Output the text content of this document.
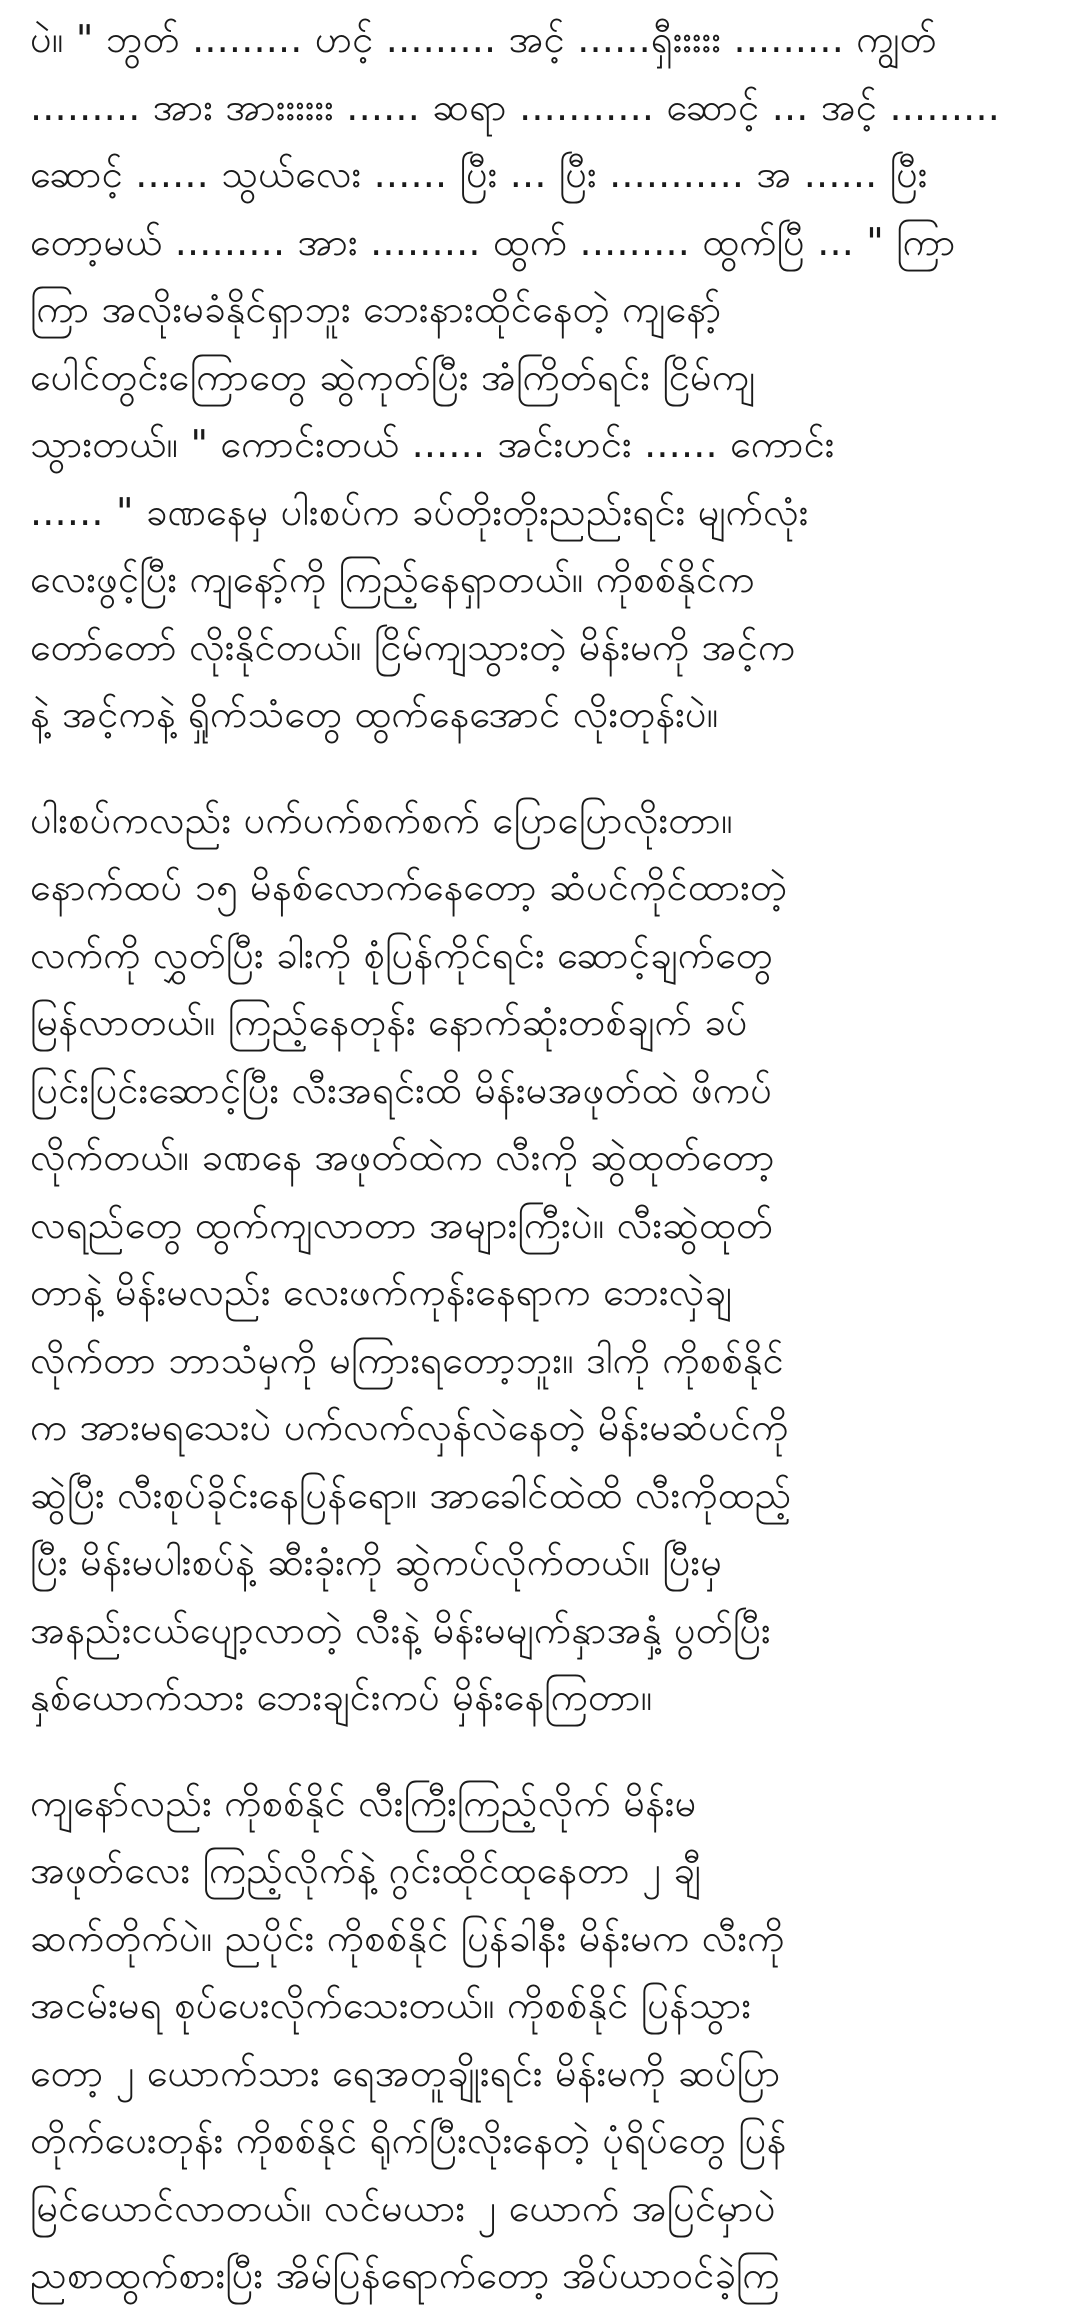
ပဲ။ " ဘွတ် ......... ဟင့် ......... အင့် ......ရှီးးးးး ......... ကျွတ်
......... အား အားးးးးး ...... ဆရာ ........... ဆောင့် ... အင့် .........
ဆောင့် ...... သွယ်လေး ...... ပြီး ... ပြီး ........... အ ...... ပြီး
တော့မယ် ......... အား ......... ထွက် ......... ထွက်ပြီ ... " ကြာ
ကြာ အလိုးမခံနိုင်ရှာဘူး ဘေးနားထိုင်နေတဲ့ ကျနော့်
ပေါင်တွင်းကြောတွေ ဆွဲကုတ်ပြီး အံကြိတ်ရင်း ငြိမ်ကျ
သွားတယ်။ " ကောင်းတယ် ...... အင်းဟင်း ...... ကောင်း
...... " ခဏနေမှ ပါးစပ်က ခပ်တိုးတိုးညည်းရင်း မျက်လုံး
လေးဖွင့်ပြီး ကျနော့်ကို ကြည့်နေရှာတယ်။ ကိုစစ်နိုင်က
တော်တော် လိုးနိုင်တယ်။ ငြိမ်ကျသွားတဲ့ မိန်းမကို အင့်က
နဲ့ အင့်ကနဲ့ ရှိုက်သံတွေ ထွက်နေအောင် လိုးတုန်းပဲ။
ပါးစပ်ကလည်း ပက်ပက်စက်စက် ပြောပြောလိုးတာ။
နောက်ထပ် ၁၅ မိနစ်လောက်နေတော့ ဆံပင်ကိုင်ထားတဲ့
လက်ကို လွှတ်ပြီး ခါးကို စုံပြန်ကိုင်ရင်း ဆောင့်ချက်တွေ
မြန်လာတယ်။ ကြည့်နေတုန်း နောက်ဆုံးတစ်ချက် ခပ်
ပြင်းပြင်းဆောင့်ပြီး လီးအရင်းထိ မိန်းမအဖုတ်ထဲ ဖိကပ်
လိုက်တယ်။ ခဏနေ အဖုတ်ထဲက လီးကို ဆွဲထုတ်တော့
လရည်တွေ ထွက်ကျလာတာ အများကြီးပဲ။ လီးဆွဲထုတ်
တာနဲ့ မိန်းမလည်း လေးဖက်ကုန်းနေရာက ဘေးလှဲချ
လိုက်တာ ဘာသံမှကို မကြားရတော့ဘူး။ ဒါကို ကိုစစ်နိုင်
က အားမရသေးပဲ ပက်လက်လှန်လဲနေတဲ့ မိန်းမဆံပင်ကို
ဆွဲပြီး လီးစုပ်ခိုင်းနေပြန်ရော။ အာခေါင်ထဲထိ လီးကိုထည့်
ပြီး မိန်းမပါးစပ်နဲ့ ဆီးခုံးကို ဆွဲကပ်လိုက်တယ်။ ပြီးမှ
အနည်းငယ်ပျော့လာတဲ့ လီးနဲ့ မိန်းမမျက်နှာအနှံ့ ပွတ်ပြီး
နှစ်ယောက်သား ဘေးချင်းကပ် မှိန်းနေကြတာ။
ကျနော်လည်း ကိုစစ်နိုင် လီးကြီးကြည့်လိုက် မိန်းမ
အဖုတ်လေး ကြည့်လိုက်နဲ့ ဂွင်းထိုင်ထုနေတာ ၂ ချီ
ဆက်တိုက်ပဲ။ ညပိုင်း ကိုစစ်နိုင် ပြန်ခါနီး မိန်းမက လီးကို
အငမ်းမရ စုပ်ပေးလိုက်သေးတယ်။ ကိုစစ်နိုင် ပြန်သွား
တော့ ၂ ယောက်သား ရေအတူချိုးရင်း မိန်းမကို ဆပ်ပြာ
တိုက်ပေးတုန်း ကိုစစ်နိုင် ရိုက်ပြီးလိုးနေတဲ့ ပုံရိပ်တွေ ပြန်
မြင်ယောင်လာတယ်။ လင်မယား ၂ ယောက် အပြင်မှာပဲ
ညစာထွက်စားပြီး အိမ်ပြန်ရောက်တော့ အိပ်ယာဝင်ခဲ့ကြ
